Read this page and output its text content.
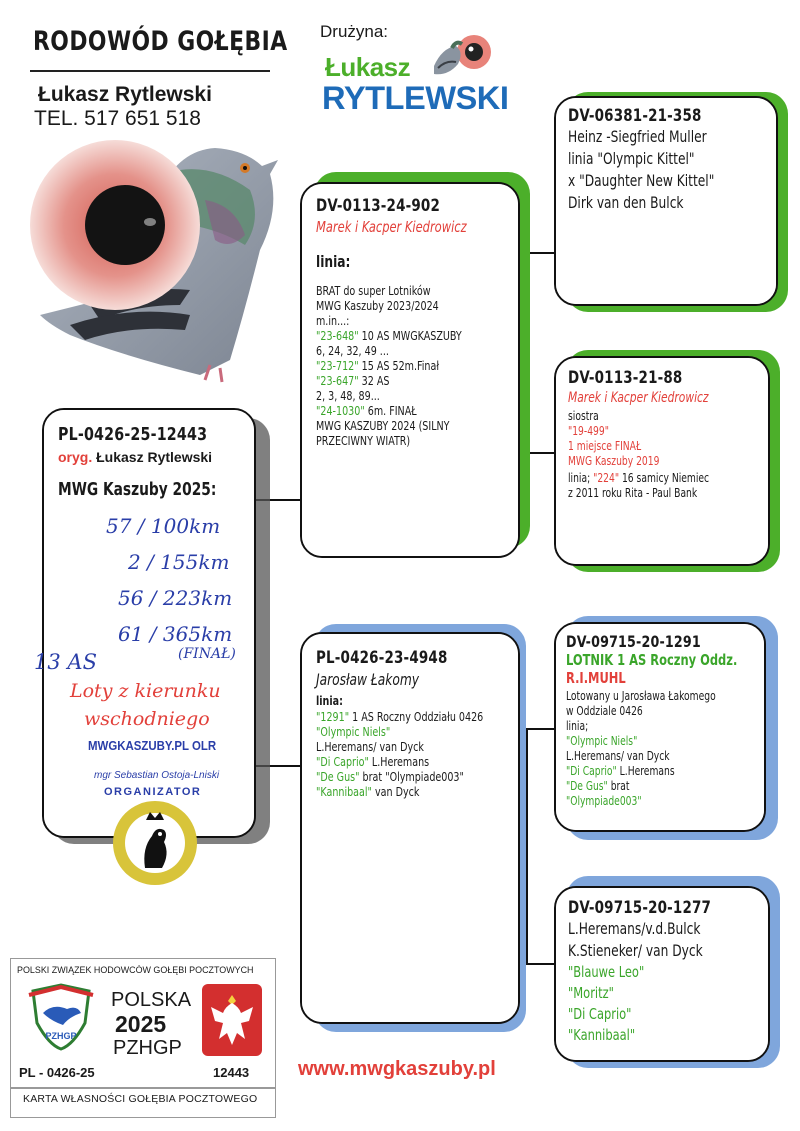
RODOWÓD GOŁĘBIA
Łukasz Rytlewski
TEL. 517 651 518
Drużyna:
Łukasz
RYTLEWSKI
PL-0426-25-12443
oryg. Łukasz Rytlewski
MWG Kaszuby 2025:
57 / 100km
2 / 155km
56 / 223km
61 / 365km
(FINAŁ)
13 AS
Loty z kierunku
wschodniego
MWGKASZUBY.PL OLR
mgr Sebastian Ostoja-Lniski
ORGANIZATOR
DV-0113-24-902
Marek i Kacper Kiedrowicz
linia:
BRAT do super Lotników
MWG Kaszuby 2023/2024
m.in...:
"23-648" 10 AS MWGKASZUBY
6, 24, 32, 49 ...
"23-712" 15 AS 52m.Finał
"23-647" 32 AS
2, 3, 48, 89...
"24-1030" 6m. FINAŁ
MWG KASZUBY 2024 (SILNY
PRZECIWNY WIATR)
PL-0426-23-4948
Jarosław Łakomy
linia:
"1291" 1 AS Roczny Oddziału 0426
"Olympic Niels"
L.Heremans/ van Dyck
"Di Caprio" L.Heremans
"De Gus" brat "Olympiade003"
"Kannibaal" van Dyck
DV-06381-21-358
Heinz -Siegfried Muller
linia "Olympic Kittel"
x "Daughter New Kittel"
Dirk van den Bulck
DV-0113-21-88
Marek i Kacper Kiedrowicz
siostra
"19-499"
1 miejsce FINAŁ
MWG Kaszuby 2019
linia; "224" 16 samicy Niemiec
z 2011 roku Rita - Paul Bank
DV-09715-20-1291
LOTNIK 1 AS Roczny Oddz.
R.I.MUHL
Lotowany u Jarosława Łakomego
w Oddziale 0426
linia;
"Olympic Niels"
L.Heremans/ van Dyck
"Di Caprio" L.Heremans
"De Gus" brat
"Olympiade003"
DV-09715-20-1277
L.Heremans/v.d.Bulck
K.Stieneker/ van Dyck
"Blauwe Leo"
"Moritz"
"Di Caprio"
"Kannibaal"
POLSKI ZWIĄZEK HODOWCÓW GOŁĘBI POCZTOWYCH
PZHGP
POLSKA
2025
PZHGP
PL - 0426-25	12443
KARTA WŁASNOŚCI GOŁĘBIA POCZTOWEGO
www.mwgkaszuby.pl
